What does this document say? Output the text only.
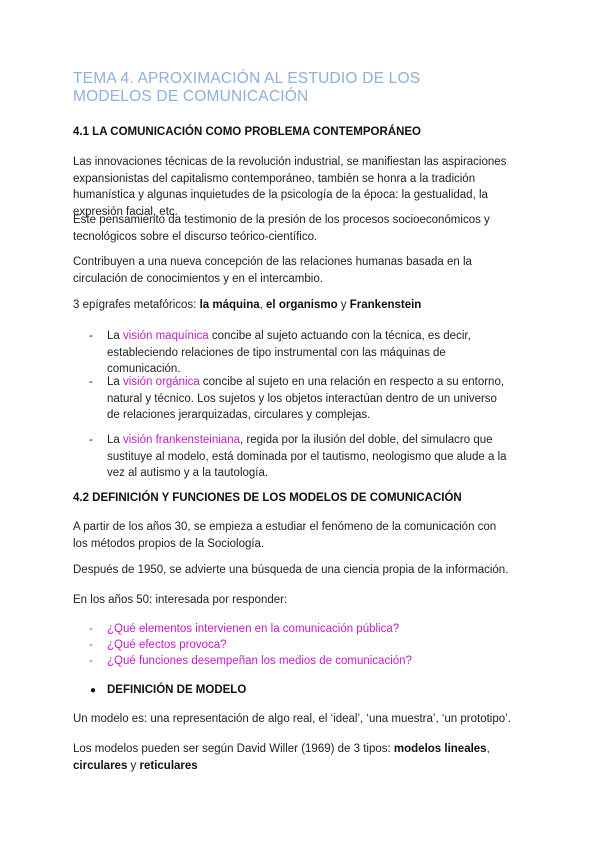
TEMA 4. APROXIMACIÓN AL ESTUDIO DE LOS MODELOS DE COMUNICACIÓN
4.1 LA COMUNICACIÓN COMO PROBLEMA CONTEMPORÁNEO
Las innovaciones técnicas de la revolución industrial, se manifiestan las aspiraciones expansionistas del capitalismo contemporáneo, también se honra a la tradición humanística y algunas inquietudes de la psicología de la época: la gestualidad, la expresión facial, etc.
Este pensamiento da testimonio de la presión de los procesos socioeconómicos y tecnológicos sobre el discurso teórico-científico.
Contribuyen a una nueva concepción de las relaciones humanas basada en la circulación de conocimientos y en el intercambio.
3 epígrafes metafóricos: la máquina, el organismo y Frankenstein
- La visión maquínica concibe al sujeto actuando con la técnica, es decir, estableciendo relaciones de tipo instrumental con las máquinas de comunicación.
- La visión orgánica concibe al sujeto en una relación en respecto a su entorno, natural y técnico. Los sujetos y los objetos interactúan dentro de un universo de relaciones jerarquizadas, circulares y complejas.
- La visión frankensteiniana, regida por la ilusión del doble, del simulacro que sustituye al modelo, está dominada por el tautismo, neologismo que alude a la vez al autismo y a la tautología.
4.2 DEFINICIÓN Y FUNCIONES DE LOS MODELOS DE COMUNICACIÓN
A partir de los años 30, se empieza a estudiar el fenómeno de la comunicación con los métodos propios de la Sociología.
Después de 1950, se advierte una búsqueda de una ciencia propia de la información.
En los años 50: interesada por responder:
- ¿Qué elementos intervienen en la comunicación pública?
- ¿Qué efectos provoca?
- ¿Qué funciones desempeñan los medios de comunicación?
● DEFINICIÓN DE MODELO
Un modelo es: una representación de algo real, el ‘ideal’, ‘una muestra’, ‘un prototipo’.
Los modelos pueden ser según David Willer (1969) de 3 tipos: modelos lineales, circulares y reticulares
